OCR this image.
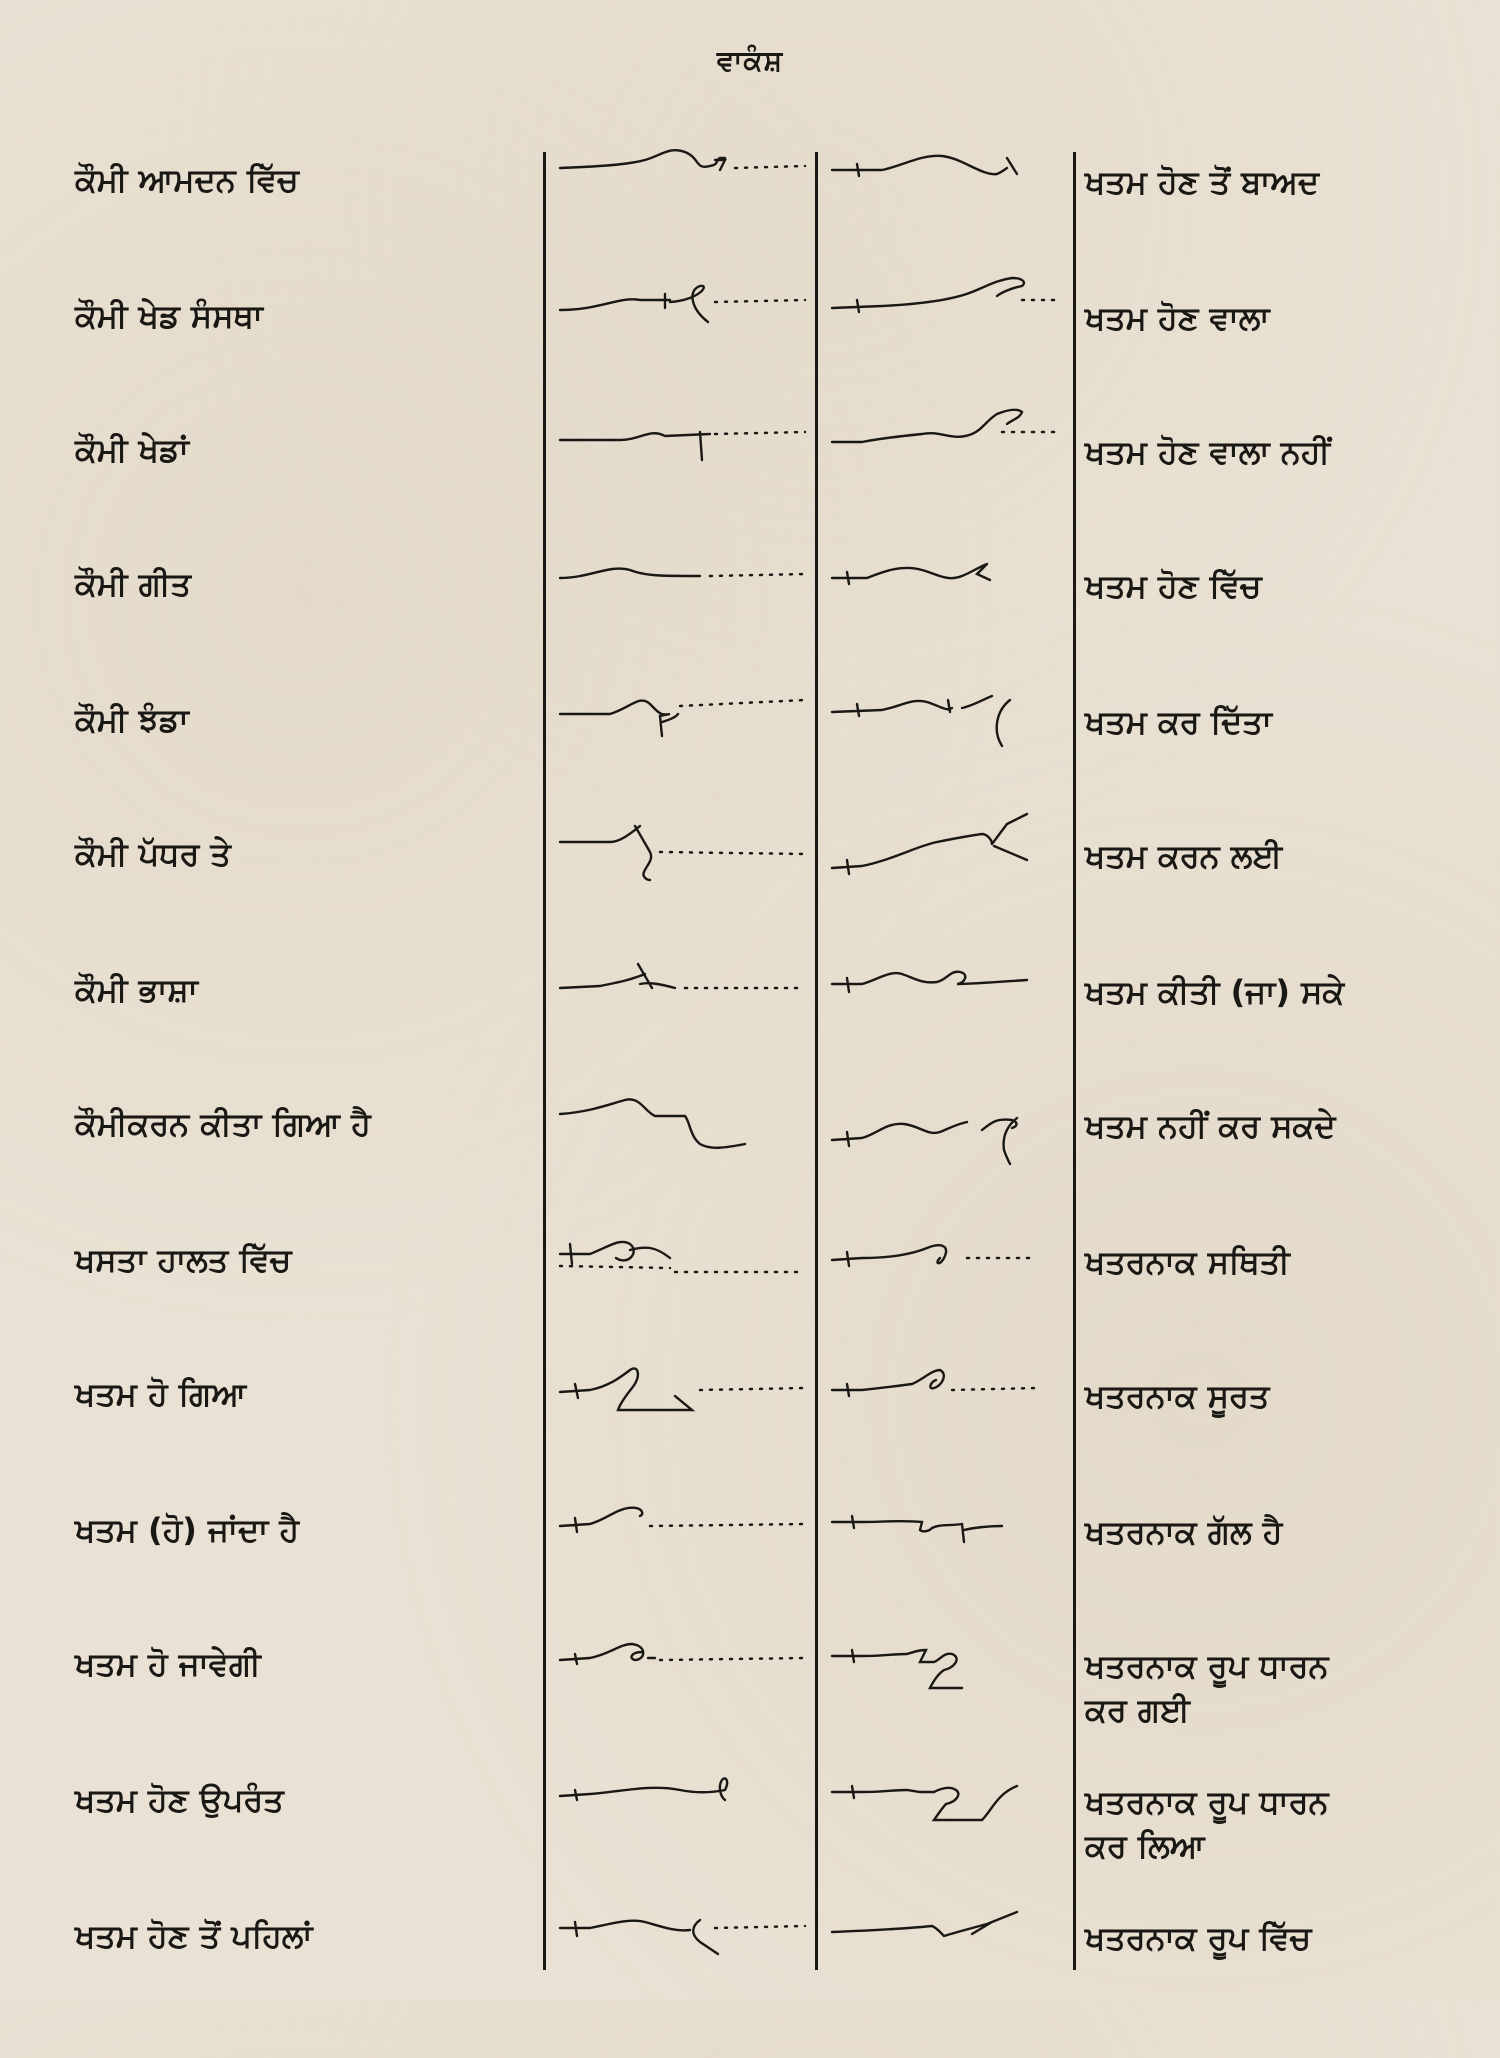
ਵਾਕੰਸ਼
ਕੌਮੀ ਆਮਦਨ ਵਿੱਚ	ਖਤਮ ਹੋਣ ਤੋਂ ਬਾਅਦ
ਕੌਮੀ ਖੇਡ ਸੰਸਥਾ	ਖਤਮ ਹੋਣ ਵਾਲਾ
ਕੌਮੀ ਖੇਡਾਂ	ਖਤਮ ਹੋਣ ਵਾਲਾ ਨਹੀਂ
ਕੌਮੀ ਗੀਤ	ਖਤਮ ਹੋਣ ਵਿੱਚ
ਕੌਮੀ ਝੰਡਾ	ਖਤਮ ਕਰ ਦਿੱਤਾ
ਕੌਮੀ ਪੱਧਰ ਤੇ	ਖਤਮ ਕਰਨ ਲਈ
ਕੌਮੀ ਭਾਸ਼ਾ	ਖਤਮ ਕੀਤੀ (ਜਾ) ਸਕੇ
ਕੌਮੀਕਰਨ ਕੀਤਾ ਗਿਆ ਹੈ	ਖਤਮ ਨਹੀਂ ਕਰ ਸਕਦੇ
ਖਸਤਾ ਹਾਲਤ ਵਿੱਚ	ਖਤਰਨਾਕ ਸਥਿਤੀ
ਖਤਮ ਹੋ ਗਿਆ	ਖਤਰਨਾਕ ਸੂਰਤ
ਖਤਮ (ਹੋ) ਜਾਂਦਾ ਹੈ	ਖਤਰਨਾਕ ਗੱਲ ਹੈ
ਖਤਮ ਹੋ ਜਾਵੇਗੀ	ਖਤਰਨਾਕ ਰੂਪ ਧਾਰਨ
ਕਰ ਗਈ
ਖਤਮ ਹੋਣ ਉਪਰੰਤ	ਖਤਰਨਾਕ ਰੂਪ ਧਾਰਨ
ਕਰ ਲਿਆ
ਖਤਮ ਹੋਣ ਤੋਂ ਪਹਿਲਾਂ	ਖਤਰਨਾਕ ਰੂਪ ਵਿੱਚ
